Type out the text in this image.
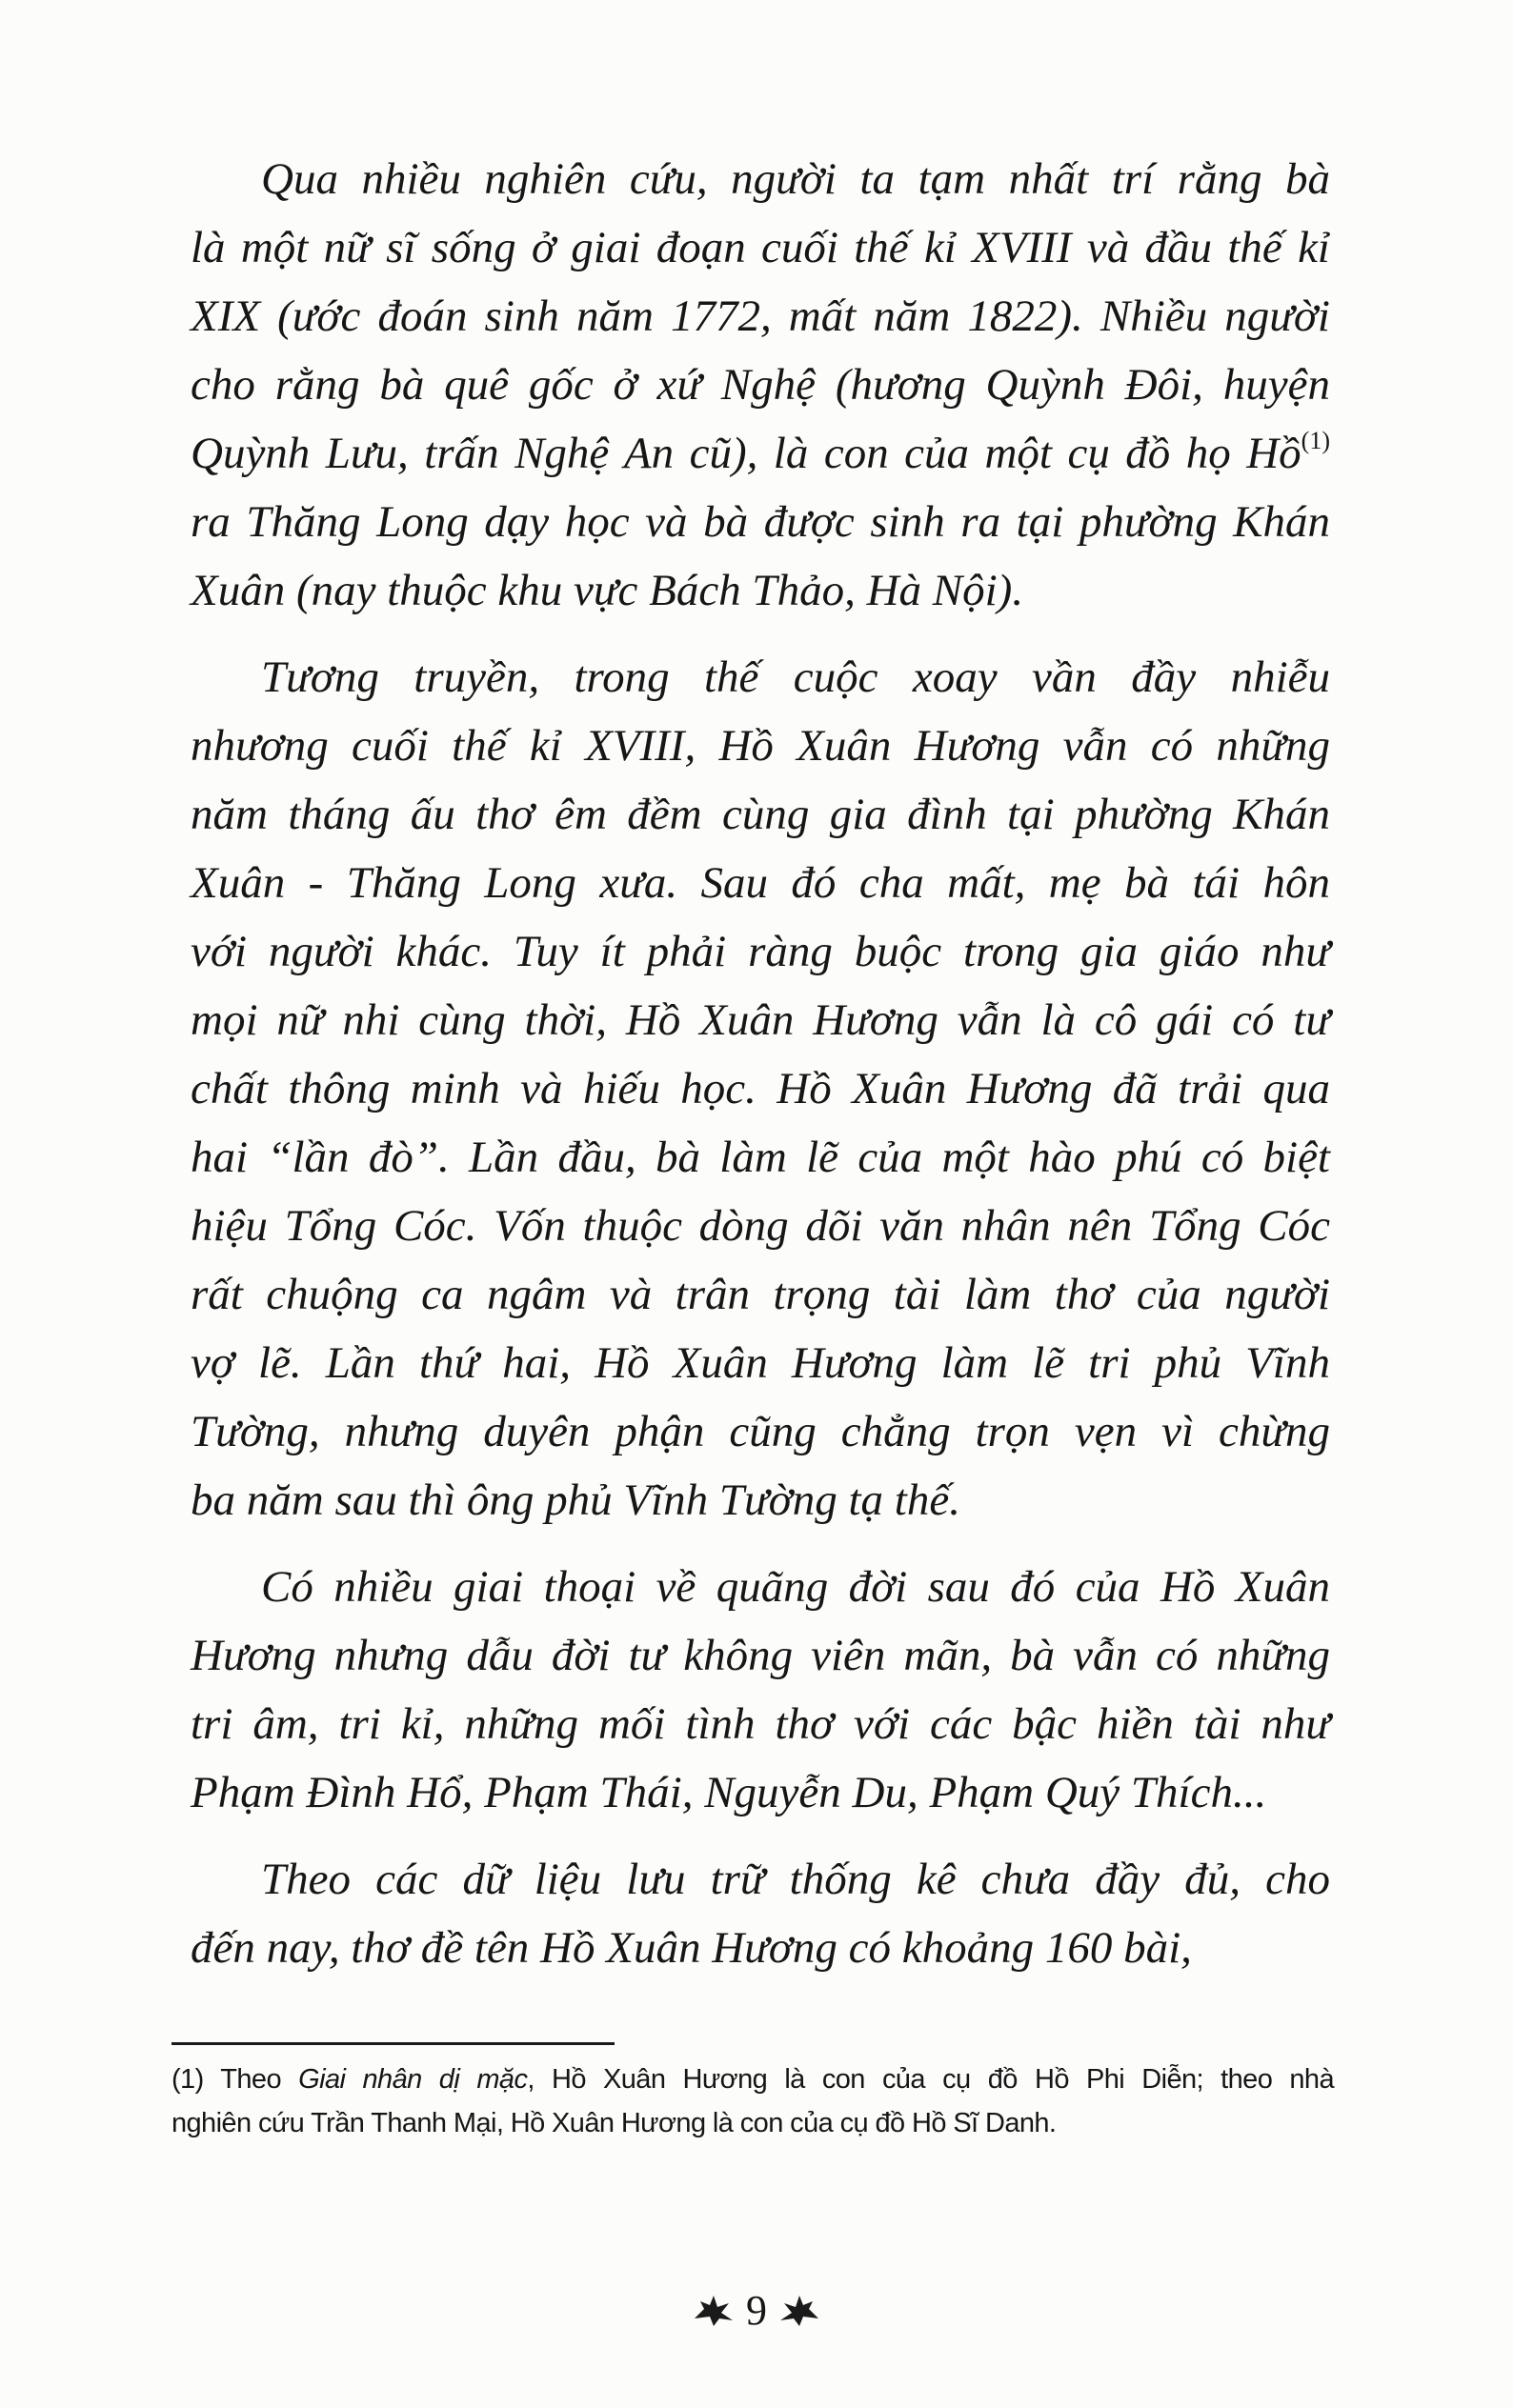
Qua nhiều nghiên cứu, người ta tạm nhất trí rằng bà
là một nữ sĩ sống ở giai đoạn cuối thế kỉ XVIII và đầu thế kỉ
XIX (ước đoán sinh năm 1772, mất năm 1822). Nhiều người
cho rằng bà quê gốc ở xứ Nghệ (hương Quỳnh Đôi, huyện
Quỳnh Lưu, trấn Nghệ An cũ), là con của một cụ đồ họ Hồ$^{(1)}$
ra Thăng Long dạy học và bà được sinh ra tại phường Khán
Xuân (nay thuộc khu vực Bách Thảo, Hà Nội).
Tương truyền, trong thế cuộc xoay vần đầy nhiễu
nhương cuối thế kỉ XVIII, Hồ Xuân Hương vẫn có những
năm tháng ấu thơ êm đềm cùng gia đình tại phường Khán
Xuân - Thăng Long xưa. Sau đó cha mất, mẹ bà tái hôn
với người khác. Tuy ít phải ràng buộc trong gia giáo như
mọi nữ nhi cùng thời, Hồ Xuân Hương vẫn là cô gái có tư
chất thông minh và hiếu học. Hồ Xuân Hương đã trải qua
hai “lần đò”. Lần đầu, bà làm lẽ của một hào phú có biệt
hiệu Tổng Cóc. Vốn thuộc dòng dõi văn nhân nên Tổng Cóc
rất chuộng ca ngâm và trân trọng tài làm thơ của người
vợ lẽ. Lần thứ hai, Hồ Xuân Hương làm lẽ tri phủ Vĩnh
Tường, nhưng duyên phận cũng chẳng trọn vẹn vì chừng
ba năm sau thì ông phủ Vĩnh Tường tạ thế.
Có nhiều giai thoại về quãng đời sau đó của Hồ Xuân
Hương nhưng dẫu đời tư không viên mãn, bà vẫn có những
tri âm, tri kỉ, những mối tình thơ với các bậc hiền tài như
Phạm Đình Hổ, Phạm Thái, Nguyễn Du, Phạm Quý Thích...
Theo các dữ liệu lưu trữ thống kê chưa đầy đủ, cho
đến nay, thơ đề tên Hồ Xuân Hương có khoảng 160 bài,
(1) Theo Giai nhân dị mặc, Hồ Xuân Hương là con của cụ đồ Hồ Phi Diễn; theo nhà
nghiên cứu Trần Thanh Mại, Hồ Xuân Hương là con của cụ đồ Hồ Sĩ Danh.
9
